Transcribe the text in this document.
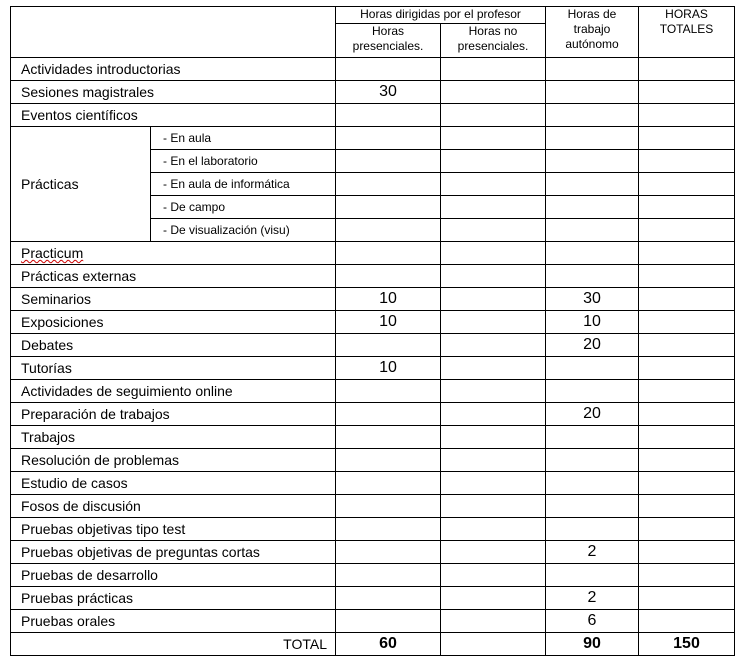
		Horas dirigidas por el profesor		Horas de trabajo autónomo	HORAS TOTALES
		Horas presenciales.	Horas no presenciales.		
Actividades introductorias					
Sesiones magistrales		30			
Eventos científicos					
Prácticas	- En aula				
	- En el laboratorio				
	- En aula de informática				
	- De campo				
	- De visualización (visu)				
Practicum					
Prácticas externas					
Seminarios		10		30	
Exposiciones		10		10	
Debates				20	
Tutorías		10			
Actividades de seguimiento online					
Preparación de trabajos				20	
Trabajos					
Resolución de problemas					
Estudio de casos					
Fosos de discusión					
Pruebas objetivas tipo test					
Pruebas objetivas de preguntas cortas				2	
Pruebas de desarrollo					
Pruebas prácticas				2	
Pruebas orales				6	
TOTAL		60		90	150
